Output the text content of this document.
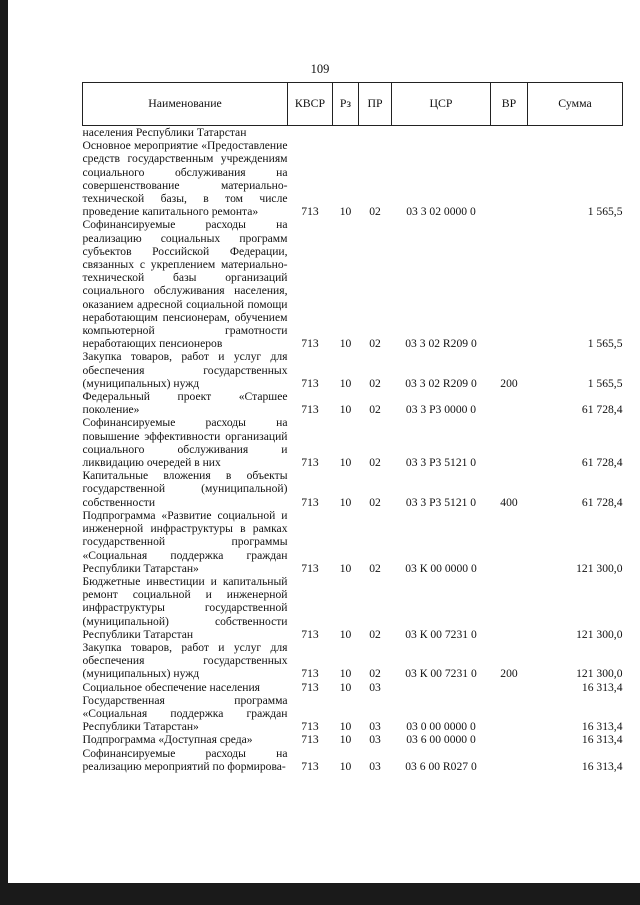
109
Наименование	КВСР	Рз	ПР	ЦСР	ВР	Сумма
населения Республики Татарстан						
Основное мероприятие «Предоставление средств государственным учреждениям социального обслуживания на совершенствование материально-технической базы, в том числе проведение капитального ремонта»	713	10	02	03 3 02 0000 0		1 565,5
Софинансируемые расходы на реализацию социальных программ субъектов Российской Федерации, связанных с укреплением материально-технической базы организаций социального обслуживания населения, оказанием адресной социальной помощи неработающим пенсионерам, обучением компьютерной грамотности неработающих пенсионеров	713	10	02	03 3 02 R209 0		1 565,5
Закупка товаров, работ и услуг для обеспечения государственных (муниципальных) нужд	713	10	02	03 3 02 R209 0	200	1 565,5
Федеральный проект «Старшее поколение»	713	10	02	03 3 P3 0000 0		61 728,4
Софинансируемые расходы на повышение эффективности организаций социального обслуживания и ликвидацию очередей в них	713	10	02	03 3 P3 5121 0		61 728,4
Капитальные вложения в объекты государственной (муниципальной) собственности	713	10	02	03 3 P3 5121 0	400	61 728,4
Подпрограмма «Развитие социальной и инженерной инфраструктуры в рамках государственной программы «Социальная поддержка граждан Республики Татарстан»	713	10	02	03 К 00 0000 0		121 300,0
Бюджетные инвестиции и капитальный ремонт социальной и инженерной инфраструктуры государственной (муниципальной) собственности Республики Татарстан	713	10	02	03 К 00 7231 0		121 300,0
Закупка товаров, работ и услуг для обеспечения государственных (муниципальных) нужд	713	10	02	03 К 00 7231 0	200	121 300,0
Социальное обеспечение населения	713	10	03			16 313,4
Государственная программа «Социальная поддержка граждан Республики Татарстан»	713	10	03	03 0 00 0000 0		16 313,4
Подпрограмма «Доступная среда»	713	10	03	03 6 00 0000 0		16 313,4
Софинансируемые расходы на реализацию мероприятий по формирова-	713	10	03	03 6 00 R027 0		16 313,4
